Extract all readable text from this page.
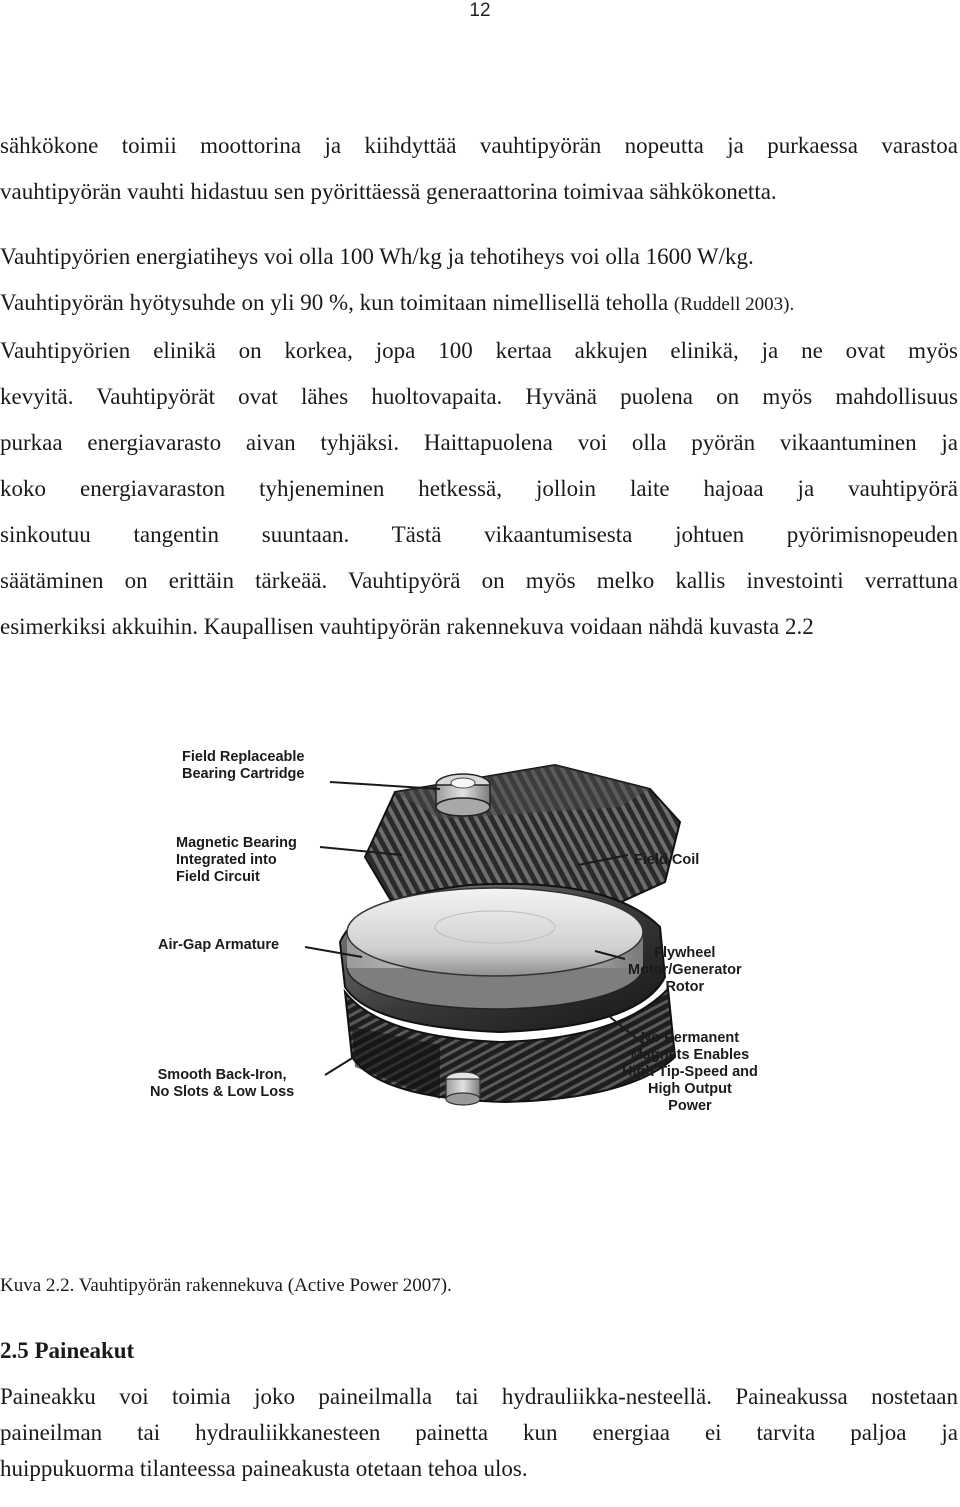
12
sähkökone toimii moottorina ja kiihdyttää vauhtipyörän nopeutta ja purkaessa varastoa
vauhtipyörän vauhti hidastuu sen pyörittäessä generaattorina toimivaa sähkökonetta.
Vauhtipyörien energiatiheys voi olla 100 Wh/kg ja tehotiheys voi olla 1600 W/kg.
Vauhtipyörän hyötysuhde on yli 90 %, kun toimitaan nimellisellä teholla (Ruddell 2003).
Vauhtipyörien elinikä on korkea, jopa 100 kertaa akkujen elinikä, ja ne ovat myös
kevyitä. Vauhtipyörät ovat lähes huoltovapaita. Hyvänä puolena on myös mahdollisuus
purkaa energiavarasto aivan tyhjäksi. Haittapuolena voi olla pyörän vikaantuminen ja
koko energiavaraston tyhjeneminen hetkessä, jolloin laite hajoaa ja vauhtipyörä
sinkoutuu tangentin suuntaan. Tästä vikaantumisesta johtuen pyörimisnopeuden
säätäminen on erittäin tärkeää. Vauhtipyörä on myös melko kallis investointi verrattuna
esimerkiksi akkuihin. Kaupallisen vauhtipyörän rakennekuva voidaan nähdä kuvasta 2.2
Field Replaceable
Bearing Cartridge
Magnetic Bearing
Integrated into
Field Circuit
Field Coil
Air-Gap Armature	Flywheel
Motor/Generator
Rotor
No Permanent
Magnets Enables
High Tip-Speed and
High Output
Power
Smooth Back-Iron,
No Slots & Low Loss

Kuva 2.2. Vauhtipyörän rakennekuva (Active Power 2007).

2.5 Paineakut
Paineakku voi toimia joko paineilmalla tai hydrauliikka-nesteellä. Paineakussa nostetaan
paineilman tai hydrauliikkanesteen painetta kun energiaa ei tarvita paljoa ja
huippukuorma tilanteessa paineakusta otetaan tehoa ulos.
